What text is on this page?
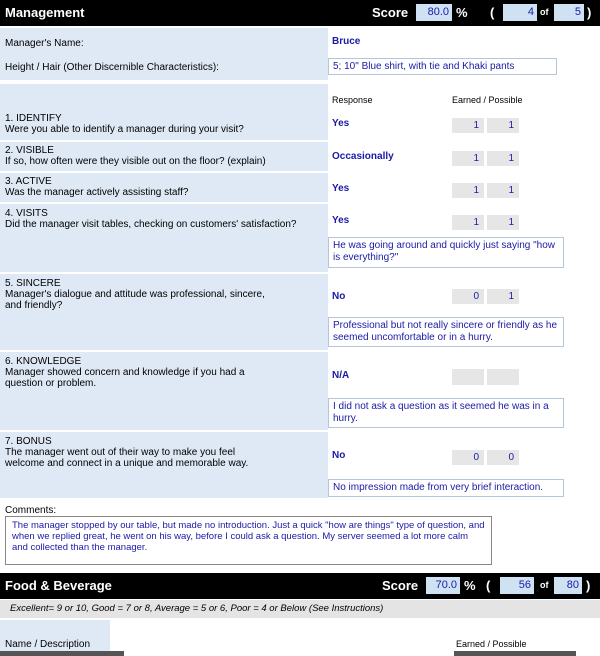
Management	Score	80.0 % (	4 of	5 )
Manager's Name:	Bruce
Height / Hair (Other Discernible Characteristics):	5; 10" Blue shirt, with tie and Khaki pants
Response	Earned / Possible
1. IDENTIFY
Were you able to identify a manager during your visit?
Yes	1	1
2. VISIBLE
If so, how often were they visible out on the floor? (explain)	Occasionally	1	1
3. ACTIVE
Was the manager actively assisting staff?	Yes	1	1
4. VISITS
Did the manager visit tables, checking on customers' satisfaction?	Yes	1	1
He was going around and quickly just saying "how is everything?"
5. SINCERE
Manager's dialogue and attitude was professional, sincere,
and friendly?
No	0	1
Professional but not really sincere or friendly as he seemed uncomfortable or in a hurry.
6. KNOWLEDGE
Manager showed concern and knowledge if you had a
question or problem.
N/A
I did not ask a question as it seemed he was in a hurry.
7. BONUS
The manager went out of their way to make you feel
welcome and connect in a unique and memorable way.
No	0	0
No impression made from very brief interaction.
Comments:
The manager stopped by our table, but made no introduction. Just a quick "how are things" type of question, and when we replied great, he went on his way, before I could ask a question. My server seemed a lot more calm and collected than the manager.
Food & Beverage	Score	70.0 % (	56	of	80 )
Excellent= 9 or 10, Good = 7 or 8, Average = 5 or 6, Poor = 4 or Below (See Instructions)
Name / Description	Earned / Possible
